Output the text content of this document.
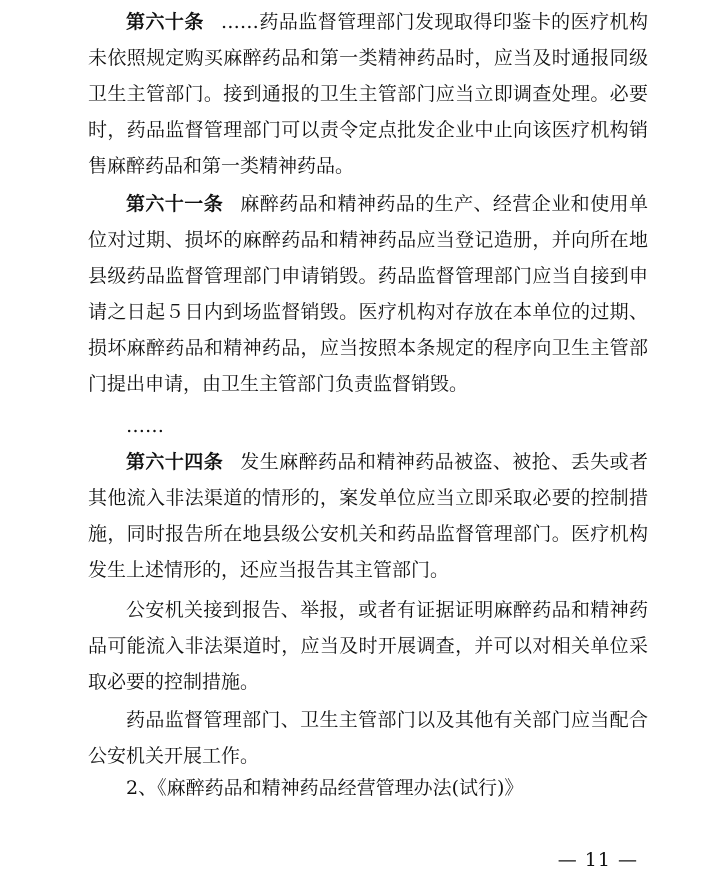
第六十条 ……药品监督管理部门发现取得印鉴卡的医疗机构未依照规定购买麻醉药品和第一类精神药品时，应当及时通报同级卫生主管部门。接到通报的卫生主管部门应当立即调查处理。必要时，药品监督管理部门可以责令定点批发企业中止向该医疗机构销售麻醉药品和第一类精神药品。

第六十一条 麻醉药品和精神药品的生产、经营企业和使用单位对过期、损坏的麻醉药品和精神药品应当登记造册，并向所在地县级药品监督管理部门申请销毁。药品监督管理部门应当自接到申请之日起５日内到场监督销毁。医疗机构对存放在本单位的过期、损坏麻醉药品和精神药品，应当按照本条规定的程序向卫生主管部门提出申请，由卫生主管部门负责监督销毁。

……

第六十四条 发生麻醉药品和精神药品被盗、被抢、丢失或者其他流入非法渠道的情形的，案发单位应当立即采取必要的控制措施，同时报告所在地县级公安机关和药品监督管理部门。医疗机构发生上述情形的，还应当报告其主管部门。

公安机关接到报告、举报，或者有证据证明麻醉药品和精神药品可能流入非法渠道时，应当及时开展调查，并可以对相关单位采取必要的控制措施。

药品监督管理部门、卫生主管部门以及其他有关部门应当配合公安机关开展工作。

2、《麻醉药品和精神药品经营管理办法(试行)》

— 11 —
